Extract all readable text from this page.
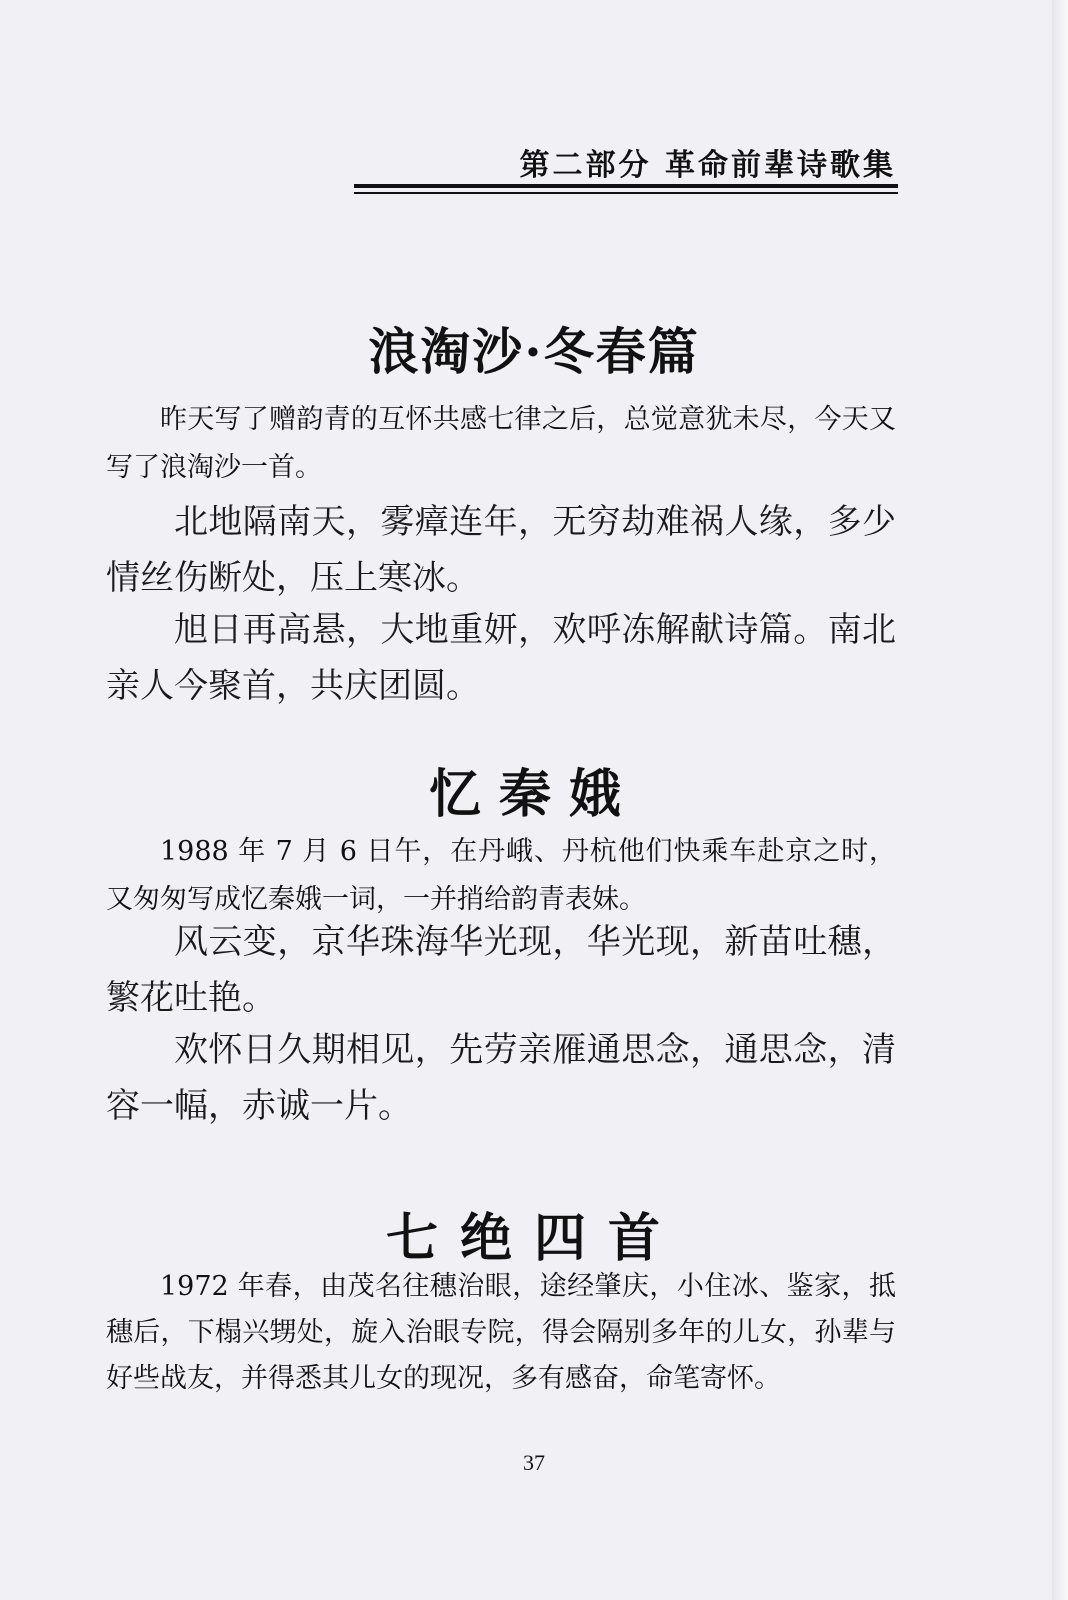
第二部分 革命前辈诗歌集
浪淘沙·冬春篇

昨天写了赠韵青的互怀共感七律之后，总觉意犹未尽，今天又写了浪淘沙一首。

北地隔南天，雾瘴连年，无穷劫难祸人缘，多少情丝伤断处，压上寒冰。

旭日再高悬，大地重妍，欢呼冻解献诗篇。南北亲人今聚首，共庆团圆。

忆秦娥

1988 年 7 月 6 日午，在丹峨、丹杭他们快乘车赴京之时，又匆匆写成忆秦娥一词，一并捎给韵青表妹。

风云变，京华珠海华光现，华光现，新苗吐穗，繁花吐艳。

欢怀日久期相见，先劳亲雁通思念，通思念，清容一幅，赤诚一片。

七绝四首

1972 年春，由茂名往穗治眼，途经肇庆，小住冰、鉴家，抵穗后，下榻兴甥处，旋入治眼专院，得会隔别多年的儿女，孙辈与好些战友，并得悉其儿女的现况，多有感奋，命笔寄怀。

37
